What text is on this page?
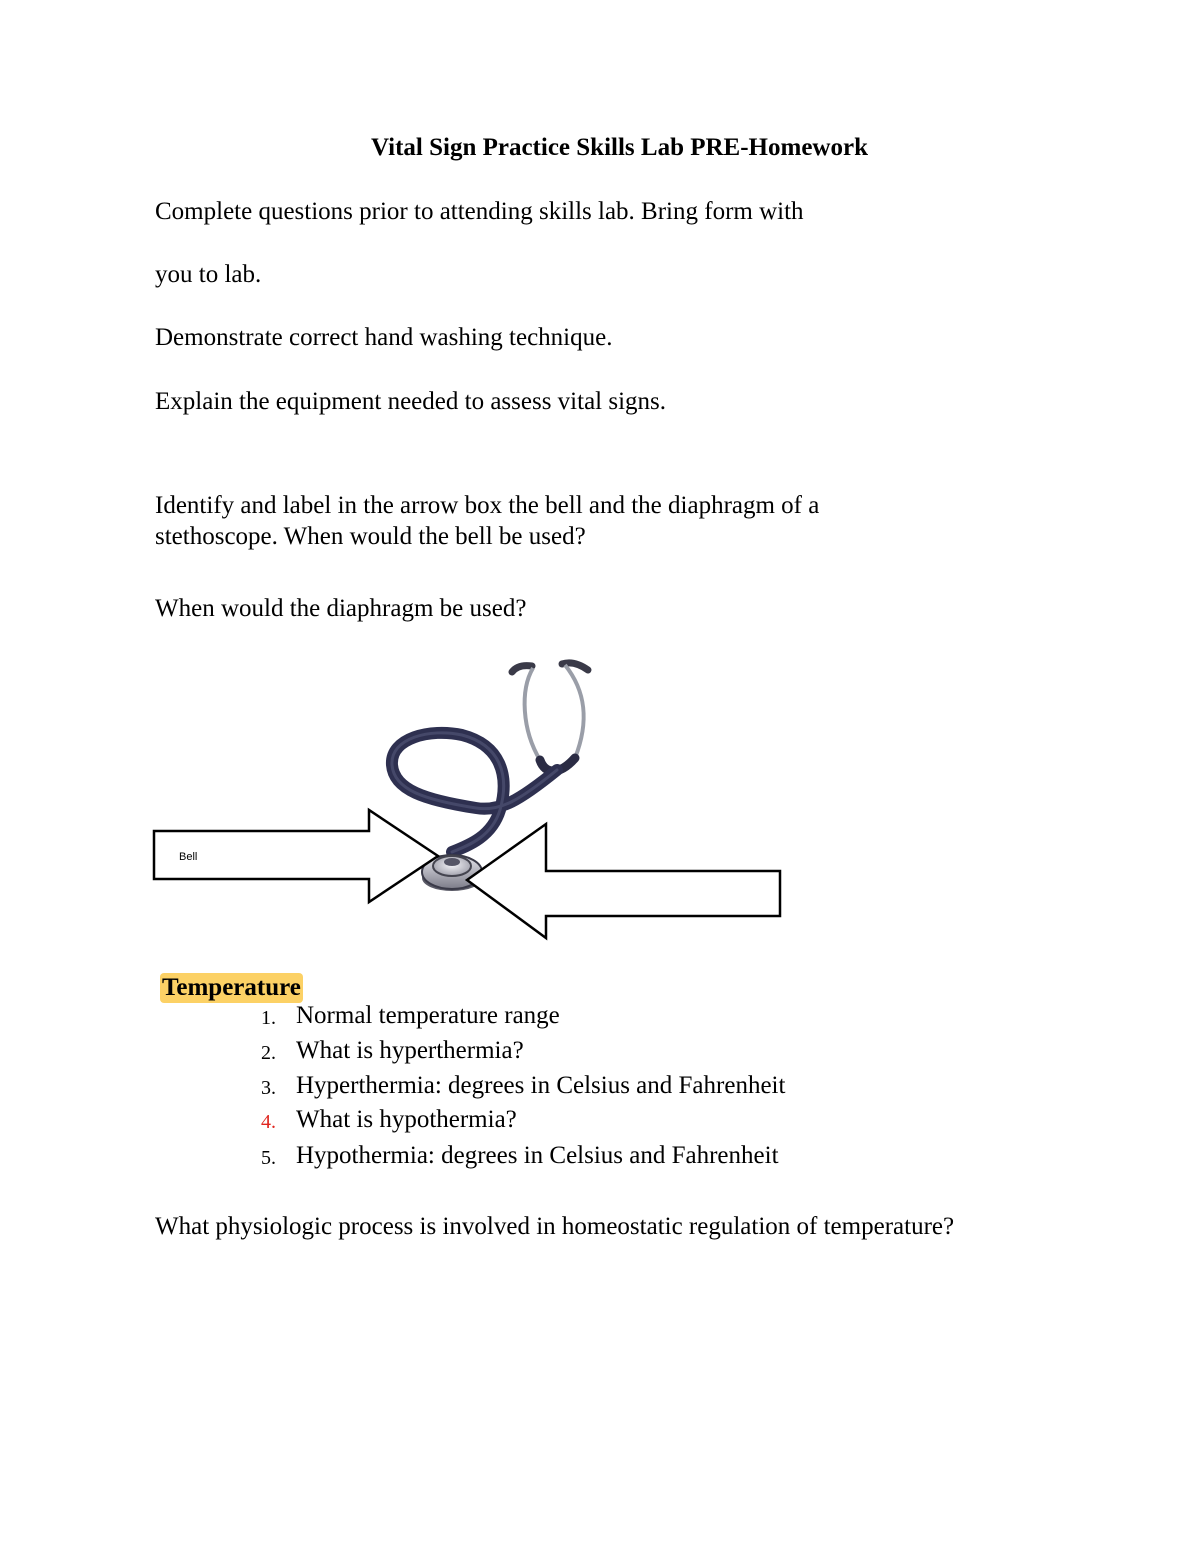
Vital Sign Practice Skills Lab PRE-Homework

Complete questions prior to attending skills lab. Bring form with

you to lab.

Demonstrate correct hand washing technique.

Explain the equipment needed to assess vital signs.

Identify and label in the arrow box the bell and the diaphragm of a

stethoscope. When would the bell be used?

When would the diaphragm be used?

Bell
Temperature
1. Normal temperature range
2. What is hyperthermia?
3. Hyperthermia: degrees in Celsius and Fahrenheit
4. What is hypothermia?
5. Hypothermia: degrees in Celsius and Fahrenheit

What physiologic process is involved in homeostatic regulation of temperature?
